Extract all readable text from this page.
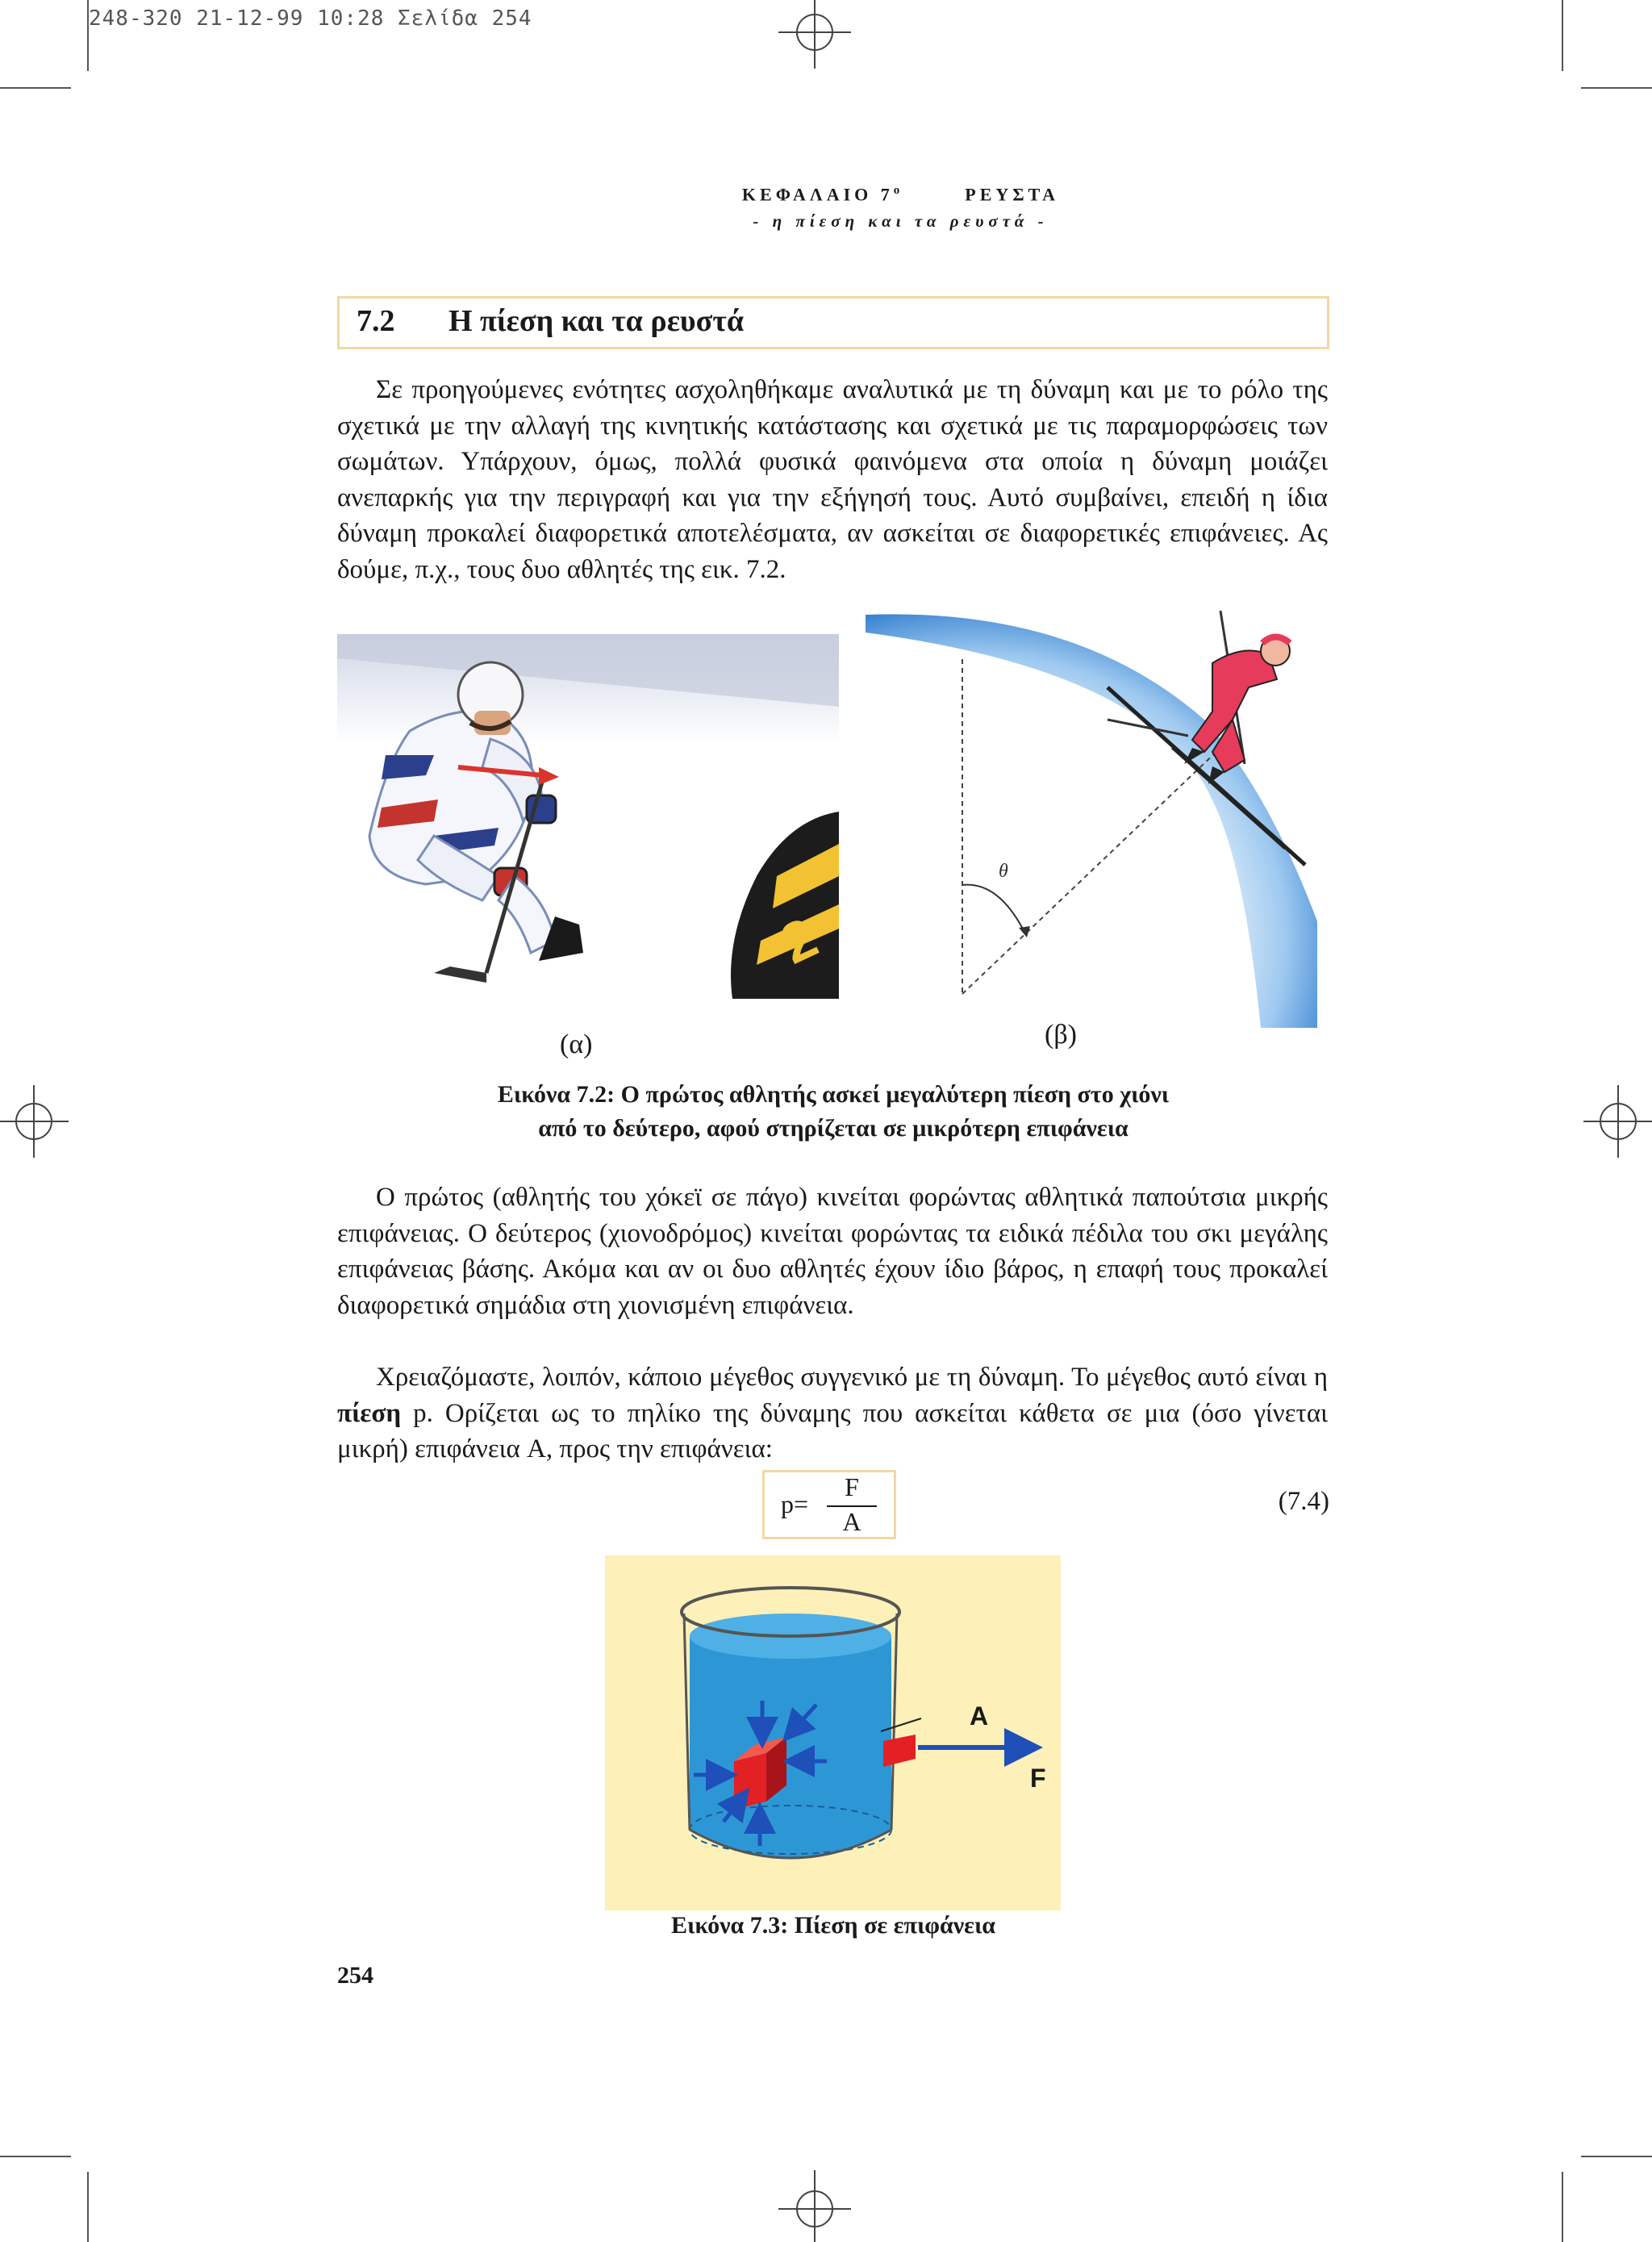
248-320 21-12-99 10:28 Σελίδα 254
ΚΕΦΑΛΑΙΟ $7^o$	ΡΕΥΣΤΑ
- η πίεση και τα ρευστά -
7.2 Η πίεση και τα ρευστά

Σε προηγούμενες ενότητες ασχοληθήκαμε αναλυτικά με τη δύναμη και με το ρόλο της σχετικά με την αλλαγή της κινητικής κατάστασης και σχετικά με τις παραμορφώσεις των σωμάτων. Υπάρχουν, όμως, πολλά φυσικά φαινόμενα στα οποία η δύναμη μοιάζει ανεπαρκής για την περιγραφή και για την εξήγησή τους. Αυτό συμβαίνει, επειδή η ίδια δύναμη προκαλεί διαφορετικά αποτελέσματα, αν ασκείται σε διαφορετικές επιφάνειες. Ας δούμε, π.χ., τους δυο αθλητές της εικ. 7.2.

2
θ
(α)	(β)
Εικόνα 7.2: Ο πρώτος αθλητής ασκεί μεγαλύτερη πίεση στο χιόνι
από το δεύτερο, αφού στηρίζεται σε μικρότερη επιφάνεια

Ο πρώτος (αθλητής του χόκεϊ σε πάγο) κινείται φορώντας αθλητικά παπούτσια μικρής επιφάνειας. Ο δεύτερος (χιονοδρόμος) κινείται φορώντας τα ειδικά πέδιλα του σκι μεγάλης επιφάνειας βάσης. Ακόμα και αν οι δυο αθλητές έχουν ίδιο βάρος, η επαφή τους προκαλεί διαφορετικά σημάδια στη χιονισμένη επιφάνεια.

Χρειαζόμαστε, λοιπόν, κάποιο μέγεθος συγγενικό με τη δύναμη. Το μέγεθος αυτό είναι η πίεση p. Ορίζεται ως το πηλίκο της δύναμης που ασκείται κάθετα σε μια (όσο γίνεται μικρή) επιφάνεια A, προς την επιφάνεια:

p=
F
A
(7.4)
A
F
Εικόνα 7.3: Πίεση σε επιφάνεια
254
